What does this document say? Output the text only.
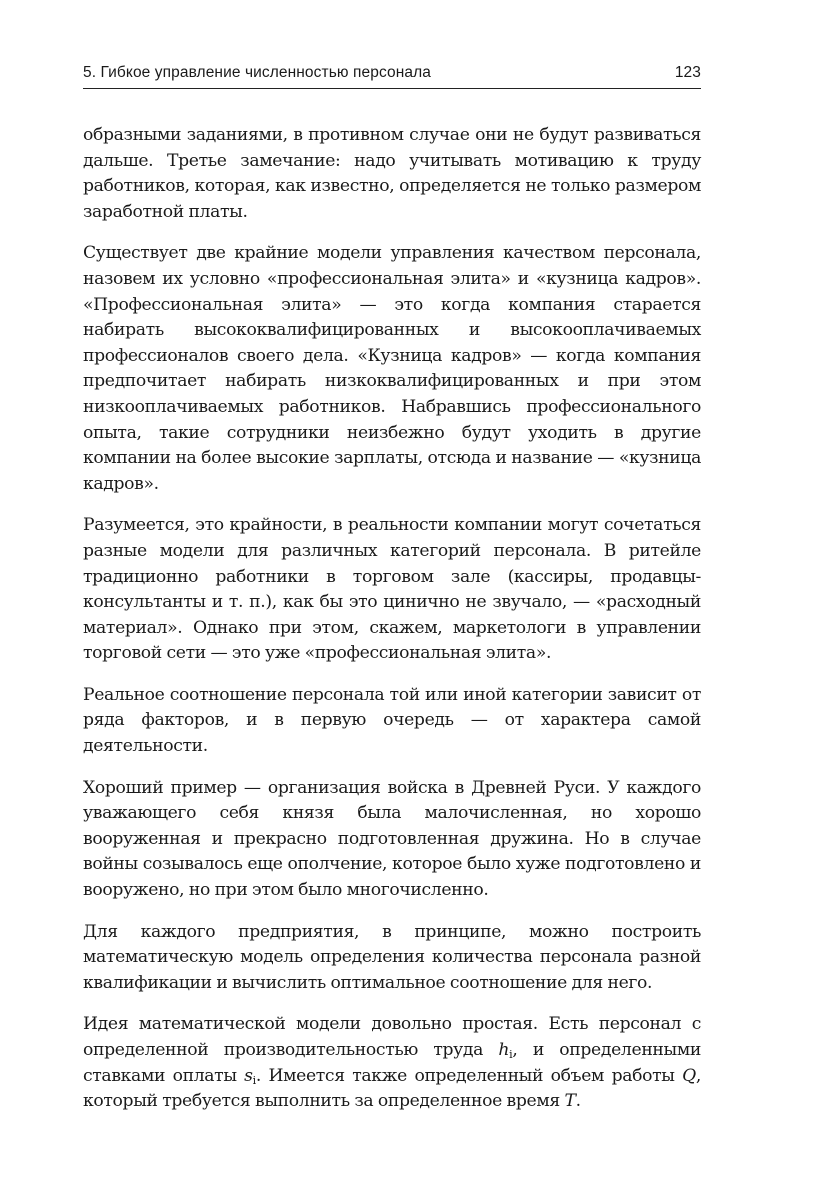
5. Гибкое управление численностью персонала	123

образными заданиями, в противном случае они не будут развиваться дальше. Третье замечание: надо учитывать мотивацию к труду работников, которая, как известно, определяется не только размером заработной платы.

Существует две крайние модели управления качеством персонала, назовем их условно «профессиональная элита» и «кузница кадров». «Профессиональная элита» — это когда компания старается набирать высококвалифицированных и высокооплачиваемых профессионалов своего дела. «Кузница кадров» — когда компания предпочитает набирать низкоквалифицированных и при этом низкооплачиваемых работников. Набравшись профессионального опыта, такие сотрудники неизбежно будут уходить в другие компании на более высокие зарплаты, отсюда и название — «кузница кадров».

Разумеется, это крайности, в реальности компании могут сочетаться разные модели для различных категорий персонала. В ритейле традиционно работники в торговом зале (кассиры, продавцы-консультанты и т. п.), как бы это цинично не звучало, — «расходный материал». Однако при этом, скажем, маркетологи в управлении торговой сети — это уже «профессиональная элита».

Реальное соотношение персонала той или иной категории зависит от ряда факторов, и в первую очередь — от характера самой деятельности.

Хороший пример — организация войска в Древней Руси. У каждого уважающего себя князя была малочисленная, но хорошо вооруженная и прекрасно подготовленная дружина. Но в случае войны созывалось еще ополчение, которое было хуже подготовлено и вооружено, но при этом было многочисленно.

Для каждого предприятия, в принципе, можно построить математическую модель определения количества персонала разной квалификации и вычислить оптимальное соотношение для него.

Идея математической модели довольно простая. Есть персонал с определенной производительностью труда $h_i$, и определенными ставками оплаты $s_i$. Имеется также определенный объем работы Q, который требуется выполнить за определенное время T.
